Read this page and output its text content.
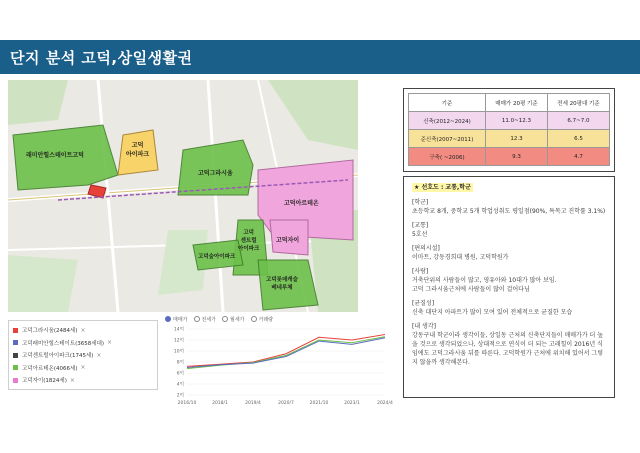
단지 분석 고덕,상일생활권
래미안힐스테이트고덕
고덕
아이파크
고덕그라시움
고덕아르테온
고덕
센트럴
아이파크
고덕자이
고덕숲아이파크
고덕롯데캐슬
베네루체
고덕그라시움(2484세) ×
고덕래미안힐스테이트(3658세대) ×
고덕센트럴아이파크(1745세) ×
고덕아르테온(4066세) ×
고덕자이(1824세) ×
매매가	전세가	월세가	거래량
14억
12억
10억
8억
6억
4억
2억
2016/10	2018/1	2019/4	2020/7	2021/10	2023/1	2024/4
기준	매매가 20평 기준	전세 20평대 기준
신축(2012~2024)	11.0~12.3	6.7~7.0
준신축(2007~2011)	12.3	6.5
구축( ~2006)	9.3	4.7
★ 선호도 : 교통,학군
[학군]
초등학교 8개, 중학교 5개 학업성취도 평일점(90%, 특목고 진학률 3.1%)
[교통]
5호선
[편의시설]
이마트, 강동경희대 병원, 고덕학원가
[사람]
거축단위의 사람들이 많고, 영유아와 10대가 많아 보임.
고덕 그라시움근처에 사람들이 많이 걸어다님
[균질성]
신축 대단지 아파트가 많이 모여 있어 전체적으로 균질한 모습
[내 생각]
강동구내 학군이라 생각이들, 상일동 근처의 신축단지들이 매매가가 더 높을 것으로 생각되었으나, 상대적으로 연식이 더 되는 고래힐이 2016년 식임에도 고덕그라시움 뒤를 따른다. 고덕학원가 근처에 위치해 있어서 그렇지 않을까 생각해본다.
